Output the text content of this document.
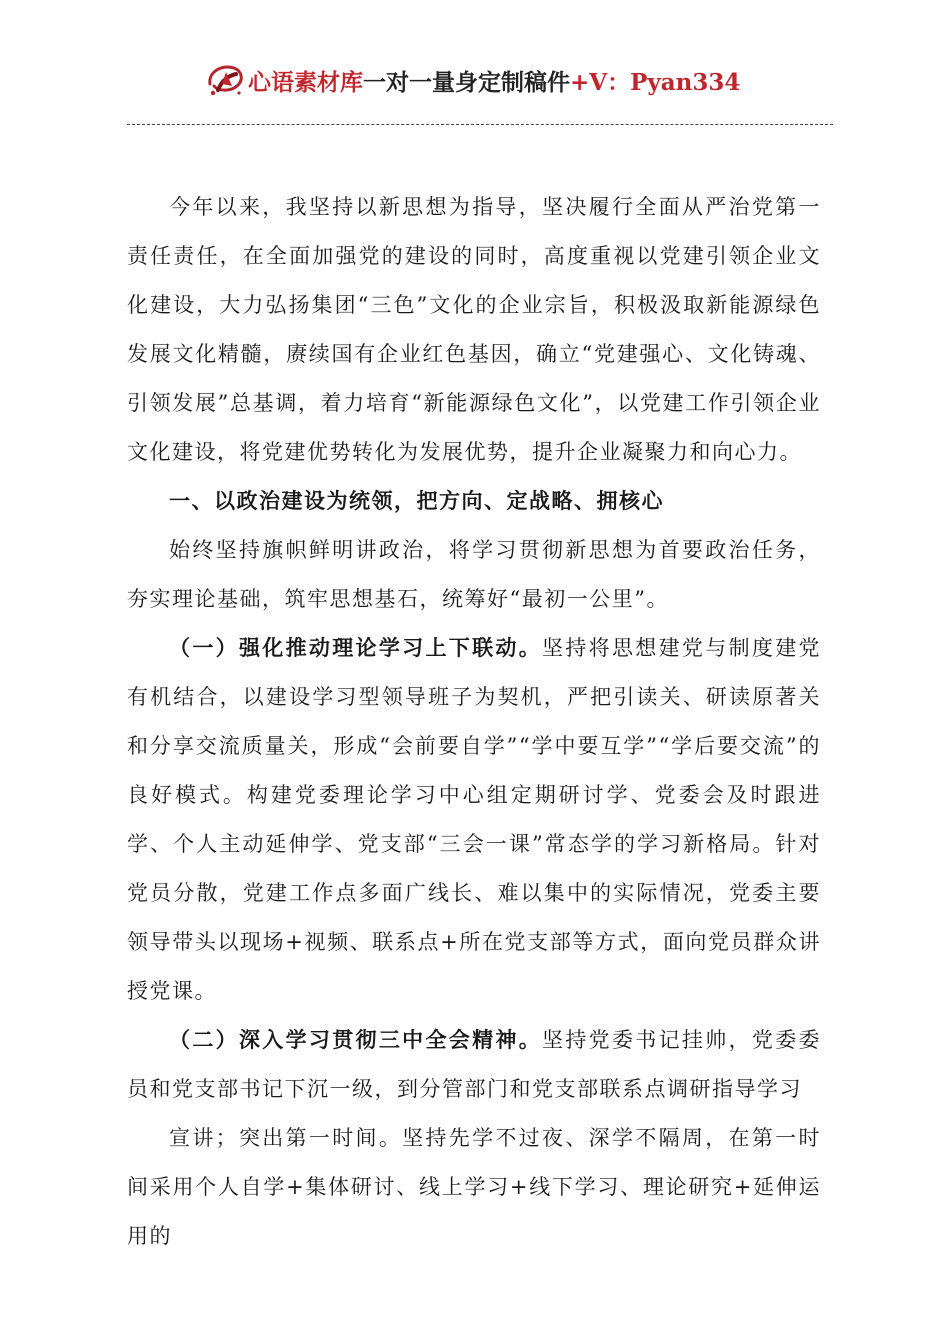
心语素材库 一对一量身定制稿件 +V：Pyan334

今年以来，我坚持以新思想为指导，坚决履行全面从严治党第一责任责任，在全面加强党的建设的同时，高度重视以党建引领企业文化建设，大力弘扬集团“三色”文化的企业宗旨，积极汲取新能源绿色发展文化精髓，赓续国有企业红色基因，确立“党建强心、文化铸魂、引领发展”总基调，着力培育“新能源绿色文化”，以党建工作引领企业文化建设，将党建优势转化为发展优势，提升企业凝聚力和向心力。

一、以政治建设为统领，把方向、定战略、拥核心

始终坚持旗帜鲜明讲政治，将学习贯彻新思想为首要政治任务，夯实理论基础，筑牢思想基石，统筹好“最初一公里”。

（一）强化推动理论学习上下联动。坚持将思想建党与制度建党有机结合，以建设学习型领导班子为契机，严把引读关、研读原著关和分享交流质量关，形成“会前要自学”“学中要互学”“学后要交流”的良好模式。构建党委理论学习中心组定期研讨学、党委会及时跟进学、个人主动延伸学、党支部“三会一课”常态学的学习新格局。针对党员分散，党建工作点多面广线长、难以集中的实际情况，党委主要领导带头以现场+视频、联系点+所在党支部等方式，面向党员群众讲授党课。

（二）深入学习贯彻三中全会精神。坚持党委书记挂帅，党委委员和党支部书记下沉一级，到分管部门和党支部联系点调研指导学习

宣讲；突出第一时间。坚持先学不过夜、深学不隔周，在第一时间采用个人自学+集体研讨、线上学习+线下学习、理论研究+延伸运用的
